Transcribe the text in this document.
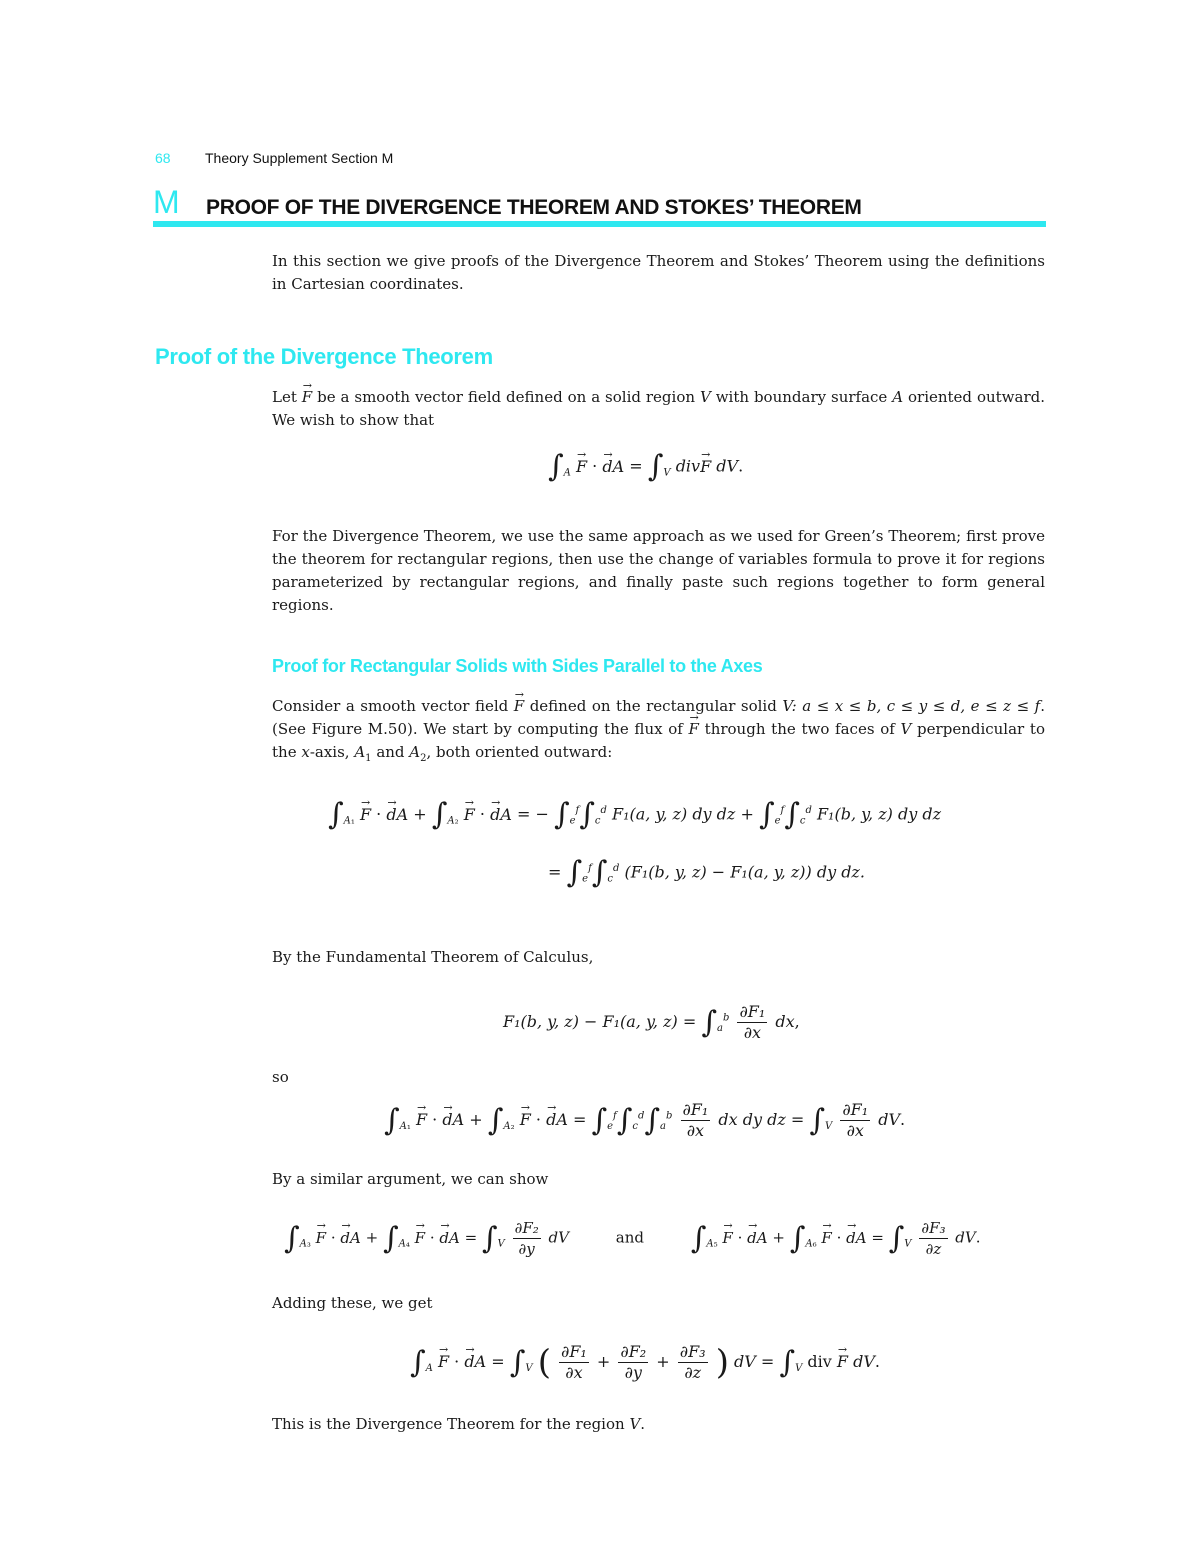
68 Theory Supplement Section M
M PROOF OF THE DIVERGENCE THEOREM AND STOKES’ THEOREM
In this section we give proofs of the Divergence Theorem and Stokes’ Theorem using the definitions in Cartesian coordinates.
Proof of the Divergence Theorem
Let F → be a smooth vector field defined on a solid region V with boundary surface A oriented outward. We wish to show that
$\int_A$ F → · dA → = $\int_V$ divF → dV.
For the Divergence Theorem, we use the same approach as we used for Green’s Theorem; first prove the theorem for rectangular regions, then use the change of variables formula to prove it for regions parameterized by rectangular regions, and finally paste such regions together to form general regions.
Proof for Rectangular Solids with Sides Parallel to the Axes
Consider a smooth vector field F → defined on the rectangular solid V: a ≤ x ≤ b, c ≤ y ≤ d, e ≤ z ≤ f. (See Figure M.50). We start by computing the flux of F → through the two faces of V perpendicular to the x-axis, $A_1$ and $A_2$, both oriented outward:
$\int_{A_1}$ F → · dA → + $\int_{A_2}$ F → · dA → = − $\int_e^f\int_c^d$ F₁(a, y, z) dy dz + $\int_e^f\int_c^d$ F₁(b, y, z) dy dz
= $\int_e^f\int_c^d$ (F₁(b, y, z) − F₁(a, y, z)) dy dz.
By the Fundamental Theorem of Calculus,
F₁(b, y, z) − F₁(a, y, $z) = \int_a^b \frac{\text{∂F₁}}{\partial x}$ dx,
so
$\int_{A_1}$ F → · dA → + $\int_{A_2}$ F → · dA → = $\int_e^f\int_c^d\int_a^b \frac{\text{∂F₁}}{\partial x}$ dx dy dz = $\int_V \frac{\text{∂F₁}}{\partial x}$ dV.
By a similar argument, we can show
$\int_{A_3}$ F → · dA → + $\int_{A_4}$ F → · dA → = $\int_V \frac{\text{∂F₂}}{\partial y}$ dV	and $\int_{A_5}$ F → · dA → + $\int_{A_6}$ F → · dA → = $\int_V \frac{\text{∂F₃}}{\partial z}$ dV.
Adding these, we get
$\int_A$ F → · dA → = $\int_V$ ( $\frac{\text{∂F₁}}{\partial x} + \frac{\text{∂F₂}}{\partial y} + \frac{\text{∂F₃}}{\partial z}$ ) dV = $\int_V$ div F → dV.
This is the Divergence Theorem for the region V.
